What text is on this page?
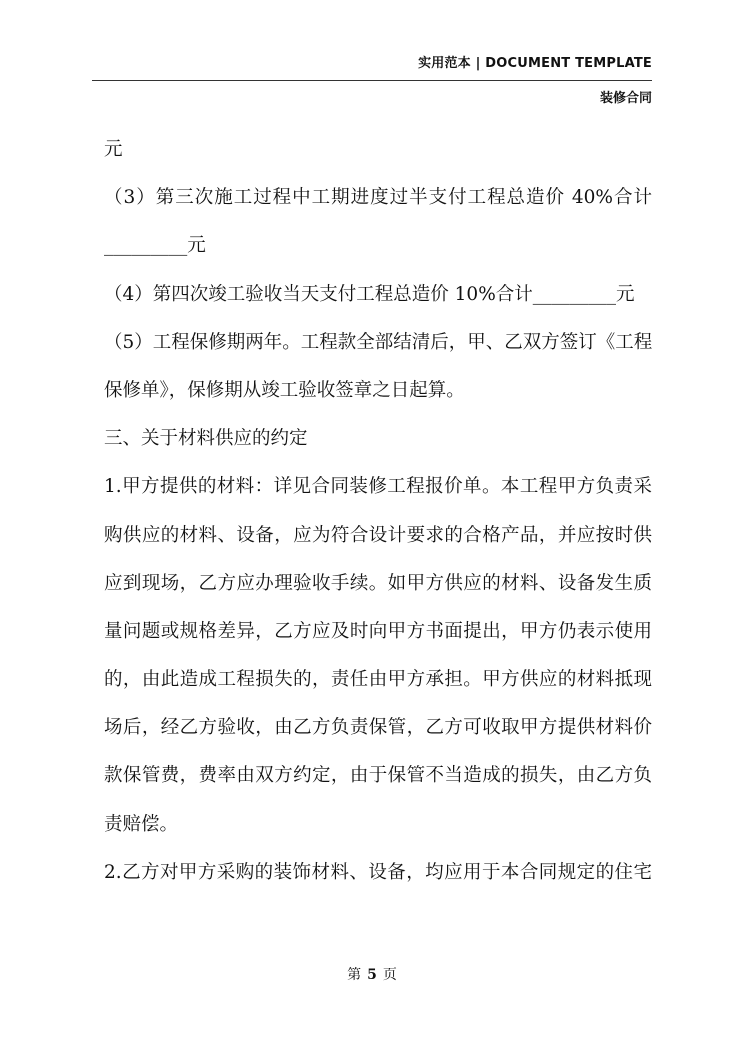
实用范本 | DOCUMENT TEMPLATE
装修合同
元
（3）第三次施工过程中工期进度过半支付工程总造价 40%合计
_________元
（4）第四次竣工验收当天支付工程总造价 10%合计_________元
（5）工程保修期两年。工程款全部结清后，甲、乙双方签订《工程
保修单》，保修期从竣工验收签章之日起算。
三、关于材料供应的约定
1.甲方提供的材料：详见合同装修工程报价单。本工程甲方负责采
购供应的材料、设备，应为符合设计要求的合格产品，并应按时供
应到现场，乙方应办理验收手续。如甲方供应的材料、设备发生质
量问题或规格差异，乙方应及时向甲方书面提出，甲方仍表示使用
的，由此造成工程损失的，责任由甲方承担。甲方供应的材料抵现
场后，经乙方验收，由乙方负责保管，乙方可收取甲方提供材料价
款保管费，费率由双方约定，由于保管不当造成的损失，由乙方负
责赔偿。
2.乙方对甲方采购的装饰材料、设备，均应用于本合同规定的住宅
第 5 页
